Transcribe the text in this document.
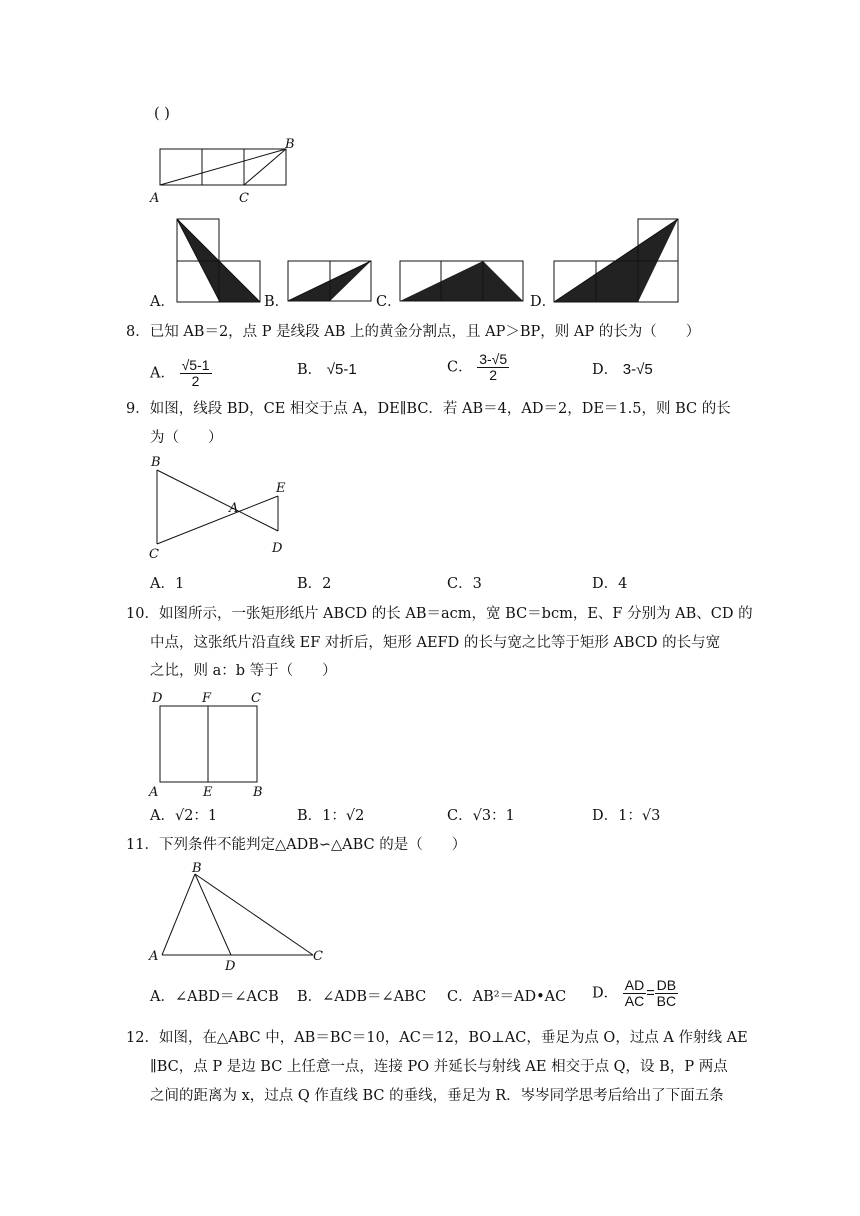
( )
B
A	C
A．	B．	C．	D．
8．已知 AB＝2，点 P 是线段 AB 上的黄金分割点，且 AP＞BP，则 AP 的长为（　　）
A． $\frac{√5-1}{2}$	B． √5-1	C． $\frac{3-√5}{2}$	D． 3-√5
9．如图，线段 BD，CE 相交于点 A，DE∥BC．若 AB＝4，AD＝2，DE＝1.5，则 BC 的长
为（　　）
B
A
E
C	D
A．1	B．2	C．3	D．4
10．如图所示，一张矩形纸片 ABCD 的长 AB＝acm，宽 BC＝bcm，E、F 分别为 AB、CD 的
中点，这张纸片沿直线 EF 对折后，矩形 AEFD 的长与宽之比等于矩形 ABCD 的长与宽
之比，则 a：b 等于（　　）
D	F	C
A	E	B
A．√2：1	B．1：√2	C．√3：1	D．1：√3
11．下列条件不能判定△ADB∽△ABC 的是（　　）
B
A
D
C
A．∠ABD＝∠ACB B．∠ADB＝∠ABC C．AB²＝AD•AC D． $\frac{AD}{AC} = \frac{DB}{BC}$
12．如图，在△ABC 中，AB＝BC＝10，AC＝12，BO⊥AC，垂足为点 O，过点 A 作射线 AE
∥BC，点 P 是边 BC 上任意一点，连接 PO 并延长与射线 AE 相交于点 Q，设 B，P 两点
之间的距离为 x，过点 Q 作直线 BC 的垂线，垂足为 R．岑岑同学思考后给出了下面五条
